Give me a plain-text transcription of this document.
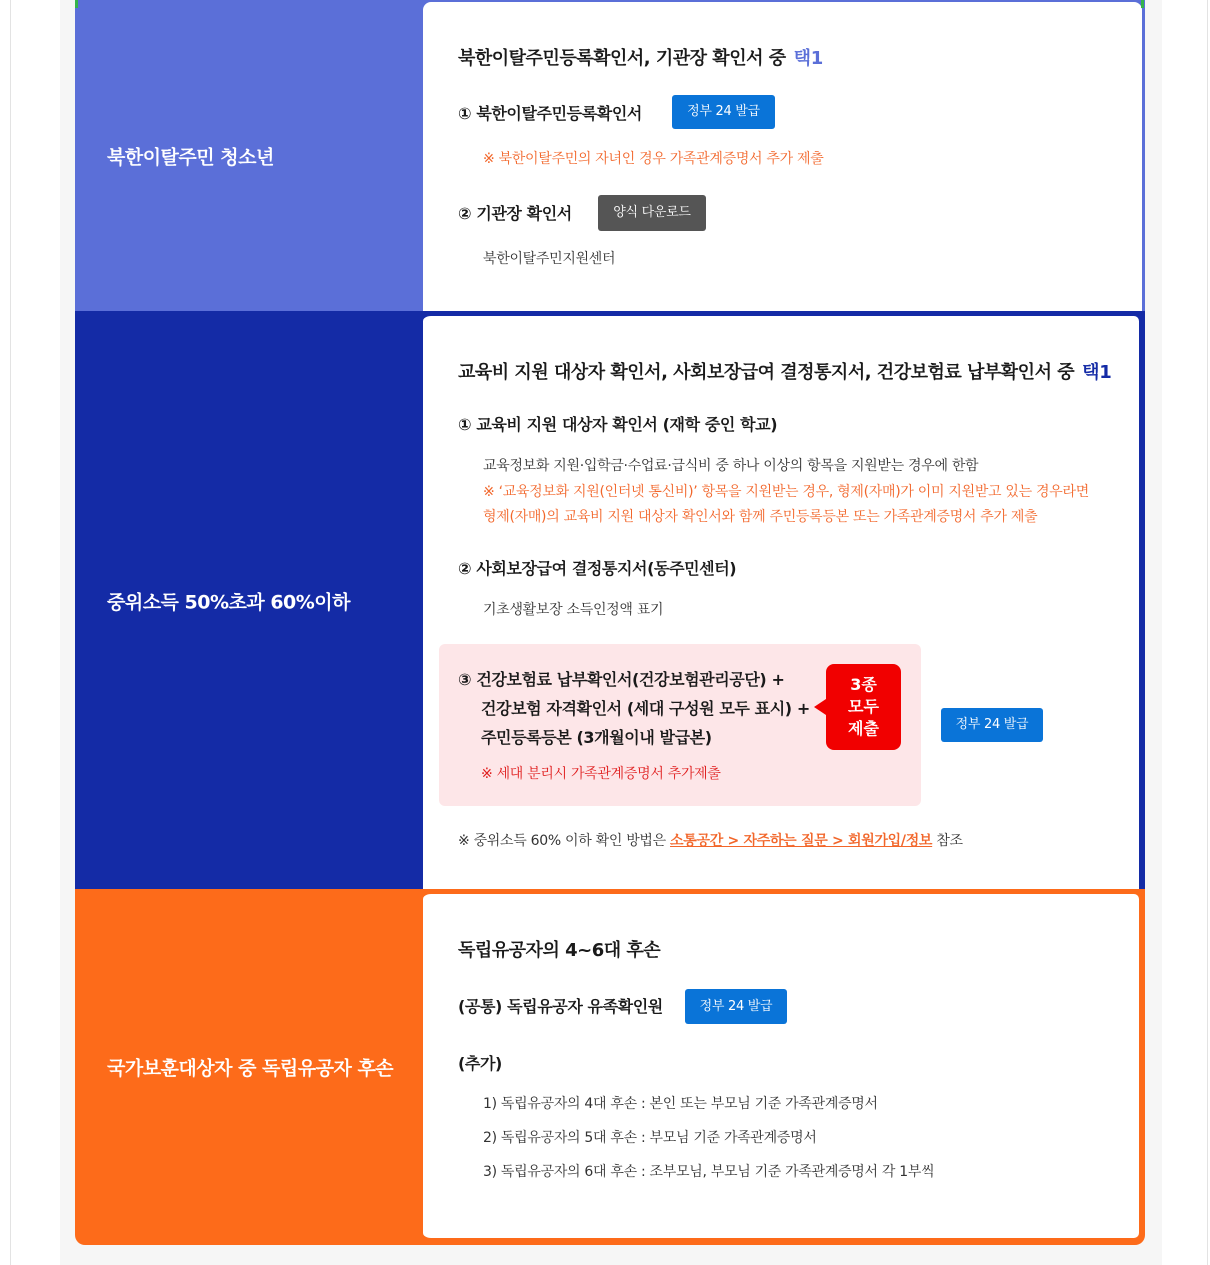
북한이탈주민 청소년
북한이탈주민등록확인서, 기관장 확인서 중 택1
① 북한이탈주민등록확인서	정부 24 발급
※ 북한이탈주민의 자녀인 경우 가족관계증명서 추가 제출
② 기관장 확인서	양식 다운로드
북한이탈주민지원센터
중위소득 50%초과 60%이하
교육비 지원 대상자 확인서, 사회보장급여 결정통지서, 건강보험료 납부확인서 중 택1
① 교육비 지원 대상자 확인서 (재학 중인 학교)
교육정보화 지원·입학금·수업료·급식비 중 하나 이상의 항목을 지원받는 경우에 한함
※ ‘교육정보화 지원(인터넷 통신비)’ 항목을 지원받는 경우, 형제(자매)가 이미 지원받고 있는 경우라면
형제(자매)의 교육비 지원 대상자 확인서와 함께 주민등록등본 또는 가족관계증명서 추가 제출
② 사회보장급여 결정통지서(동주민센터)
기초생활보장 소득인정액 표기
③ 건강보험료 납부확인서(건강보험관리공단) +
건강보험 자격확인서 (세대 구성원 모두 표시) +
주민등록등본 (3개월이내 발급본)
※ 세대 분리시 가족관계증명서 추가제출
3종
모두
제출	정부 24 발급
※ 중위소득 60% 이하 확인 방법은 소통공간 > 자주하는 질문 > 회원가입/정보 참조
국가보훈대상자 중 독립유공자 후손
독립유공자의 4~6대 후손
(공통) 독립유공자 유족확인원	정부 24 발급
(추가)
1) 독립유공자의 4대 후손 : 본인 또는 부모님 기준 가족관계증명서
2) 독립유공자의 5대 후손 : 부모님 기준 가족관계증명서
3) 독립유공자의 6대 후손 : 조부모님, 부모님 기준 가족관계증명서 각 1부씩
